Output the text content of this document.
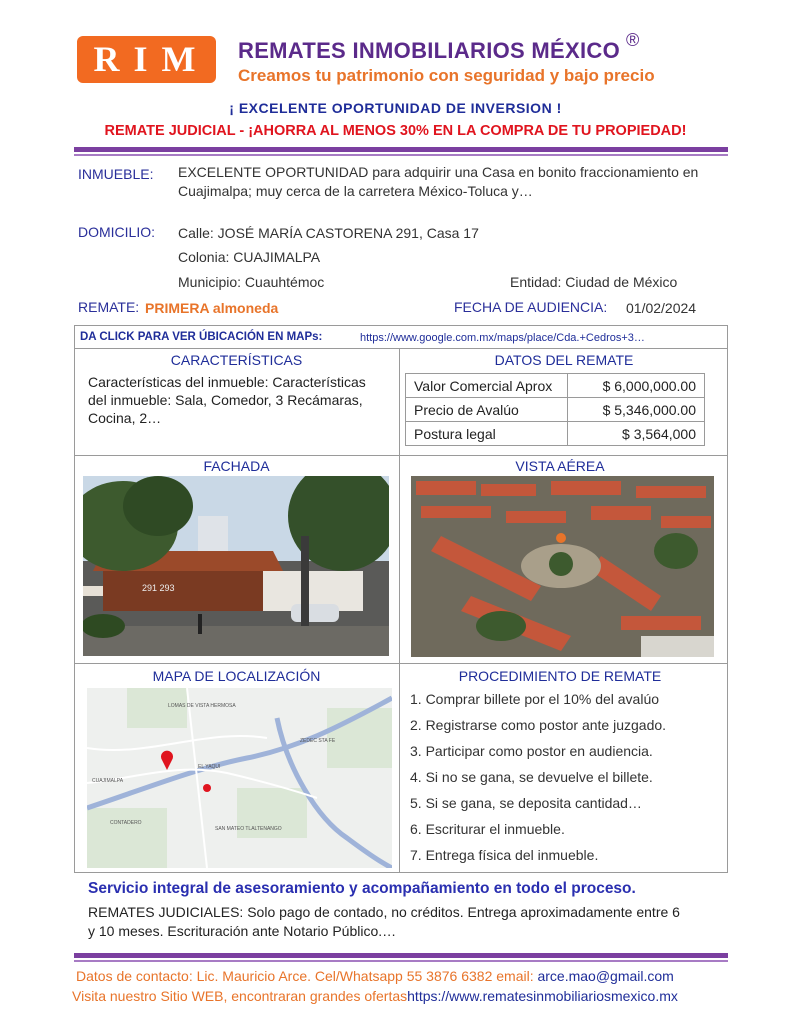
RIM REMATES INMOBILIARIOS MÉXICO ®
Creamos tu patrimonio con seguridad y bajo precio
¡ EXCELENTE OPORTUNIDAD DE INVERSION !
REMATE JUDICIAL - ¡AHORRA AL MENOS 30% EN LA COMPRA DE TU PROPIEDAD!
INMUEBLE: EXCELENTE OPORTUNIDAD para adquirir una Casa en bonito fraccionamiento en Cuajimalpa; muy cerca de la carretera México-Toluca y…
DOMICILIO: Calle: JOSÉ MARÍA CASTORENA 291, Casa 17
Colonia: CUAJIMALPA
Municipio: Cuauhtémoc	Entidad: Ciudad de México
REMATE: PRIMERA almoneda	FECHA DE AUDIENCIA: 01/02/2024
DA CLICK PARA VER ÚBICACIÓN EN MAPs:	https://www.google.com.mx/maps/place/Cda.+Cedros+3…
CARACTERÍSTICAS
Características del inmueble: Características del inmueble: Sala, Comedor, 3 Recámaras, Cocina, 2…
DATOS DEL REMATE
Valor Comercial Aprox	$ 6,000,000.00
Precio de Avalúo	$ 5,346,000.00
Postura legal	$ 3,564,000
FACHADA
291 293
VISTA AÉREA
MAPA DE LOCALIZACIÓN
LOMAS DE VISTA HERMOSA
CUAJIMALPA
CONTADERO
SAN MATEO TLALTENANGO
EL YAQUI
ZEDEC STA FE
PROCEDIMIENTO DE REMATE
1. Comprar billete por el 10% del avalúo
2. Registrarse como postor ante juzgado.
3. Participar como postor en audiencia.
4. Si no se gana, se devuelve el billete.
5. Si se gana, se deposita cantidad…
6. Escriturar el inmueble.
7. Entrega física del inmueble.
Servicio integral de asesoramiento y acompañamiento en todo el proceso.
REMATES JUDICIALES: Solo pago de contado, no créditos. Entrega aproximadamente entre 6 y 10 meses. Escrituración ante Notario Público.…
Datos de contacto: Lic. Mauricio Arce. Cel/Whatsapp 55 3876 6382 email: arce.mao@gmail.com
Visita nuestro Sitio WEB, encontraran grandes ofertashttps://www.rematesinmobiliariosmexico.mx
